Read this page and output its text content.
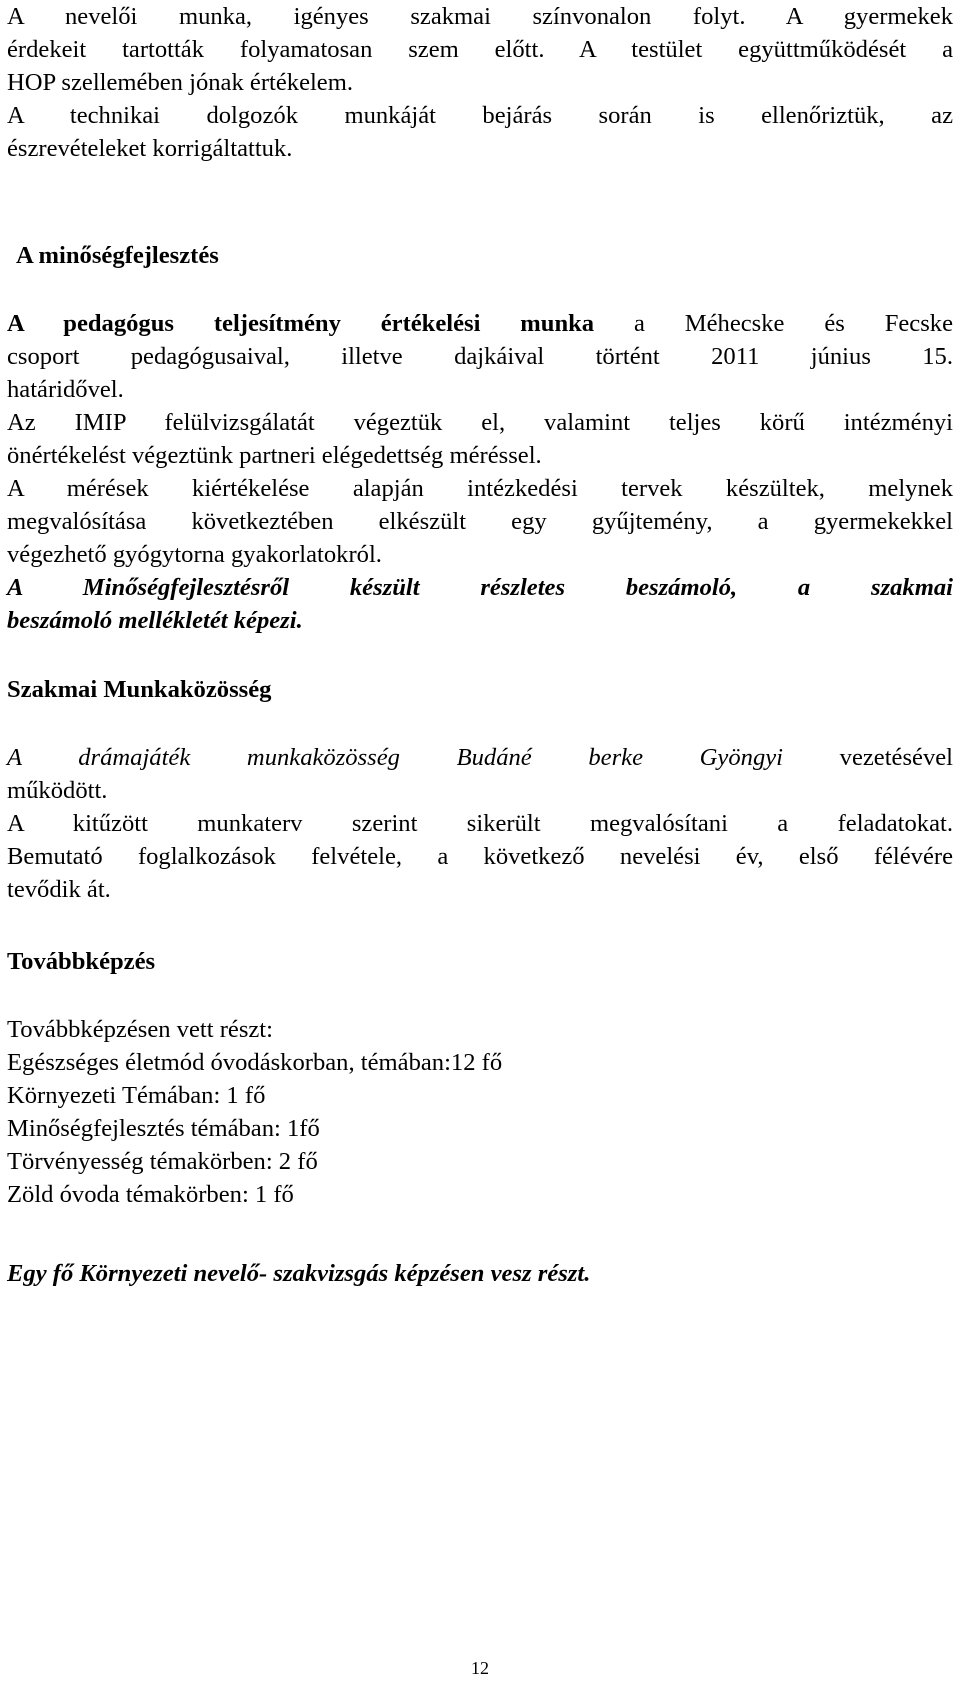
A nevelői munka, igényes szakmai színvonalon folyt. A gyermekek
érdekeit tartották folyamatosan szem előtt. A testület együttműködését a
HOP szellemében jónak értékelem.
A technikai dolgozók munkáját bejárás során is ellenőriztük, az
észrevételeket korrigáltattuk.
A minőségfejlesztés
A pedagógus teljesítmény értékelési munka a Méhecske és Fecske
csoport pedagógusaival, illetve dajkáival történt 2011 június 15.
határidővel.
Az IMIP felülvizsgálatát végeztük el, valamint teljes körű intézményi
önértékelést végeztünk partneri elégedettség méréssel.
A mérések kiértékelése alapján intézkedési tervek készültek, melynek
megvalósítása következtében elkészült egy gyűjtemény, a gyermekekkel
végezhető gyógytorna gyakorlatokról.
A Minőségfejlesztésről készült részletes beszámoló, a szakmai
beszámoló mellékletét képezi.
Szakmai Munkaközösség
A drámajáték munkaközösség Budáné berke Gyöngyi vezetésével
működött.
A kitűzött munkaterv szerint sikerült megvalósítani a feladatokat.
Bemutató foglalkozások felvétele, a következő nevelési év, első félévére
tevődik át.
Továbbképzés
Továbbképzésen vett részt:
Egészséges életmód óvodáskorban, témában:12 fő
Környezeti Témában: 1 fő
Minőségfejlesztés témában: 1fő
Törvényesség témakörben: 2 fő
Zöld óvoda témakörben: 1 fő
Egy fő Környezeti nevelő- szakvizsgás képzésen vesz részt.
12
